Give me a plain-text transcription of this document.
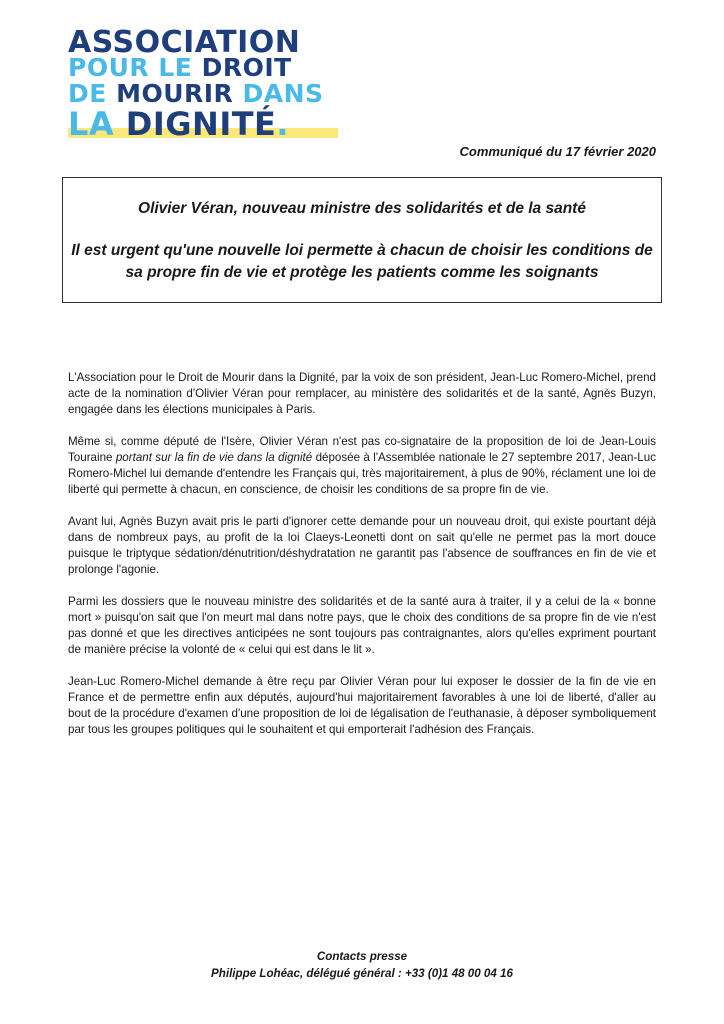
ASSOCIATION
POUR LE DROIT
DE MOURIR DANS
LA DIGNITÉ.
Communiqué du 17 février 2020
Olivier Véran, nouveau ministre des solidarités et de la santé
Il est urgent qu'une nouvelle loi permette à chacun de choisir les conditions de sa propre fin de vie et protège les patients comme les soignants

L'Association pour le Droit de Mourir dans la Dignité, par la voix de son président, Jean-Luc Romero-Michel, prend acte de la nomination d'Olivier Véran pour remplacer, au ministère des solidarités et de la santé, Agnès Buzyn, engagée dans les élections municipales à Paris.

Même si, comme député de l'Isère, Olivier Véran n'est pas co-signataire de la proposition de loi de Jean-Louis Touraine portant sur la fin de vie dans la dignité déposée à l'Assemblée nationale le 27 septembre 2017, Jean-Luc Romero-Michel lui demande d'entendre les Français qui, très majoritairement, à plus de 90%, réclament une loi de liberté qui permette à chacun, en conscience, de choisir les conditions de sa propre fin de vie.

Avant lui, Agnès Buzyn avait pris le parti d'ignorer cette demande pour un nouveau droit, qui existe pourtant déjà dans de nombreux pays, au profit de la loi Claeys-Leonetti dont on sait qu'elle ne permet pas la mort douce puisque le triptyque sédation/dénutrition/déshydratation ne garantit pas l'absence de souffrances en fin de vie et prolonge l'agonie.

Parmi les dossiers que le nouveau ministre des solidarités et de la santé aura à traiter, il y a celui de la « bonne mort » puisqu'on sait que l'on meurt mal dans notre pays, que le choix des conditions de sa propre fin de vie n'est pas donné et que les directives anticipées ne sont toujours pas contraignantes, alors qu'elles expriment pourtant de manière précise la volonté de « celui qui est dans le lit ».

Jean-Luc Romero-Michel demande à être reçu par Olivier Véran pour lui exposer le dossier de la fin de vie en France et de permettre enfin aux députés, aujourd'hui majoritairement favorables à une loi de liberté, d'aller au bout de la procédure d'examen d'une proposition de loi de légalisation de l'euthanasie, à déposer symboliquement par tous les groupes politiques qui le souhaitent et qui emporterait l'adhésion des Français.

Contacts presse
Philippe Lohéac, délégué général : +33 (0)1 48 00 04 16
